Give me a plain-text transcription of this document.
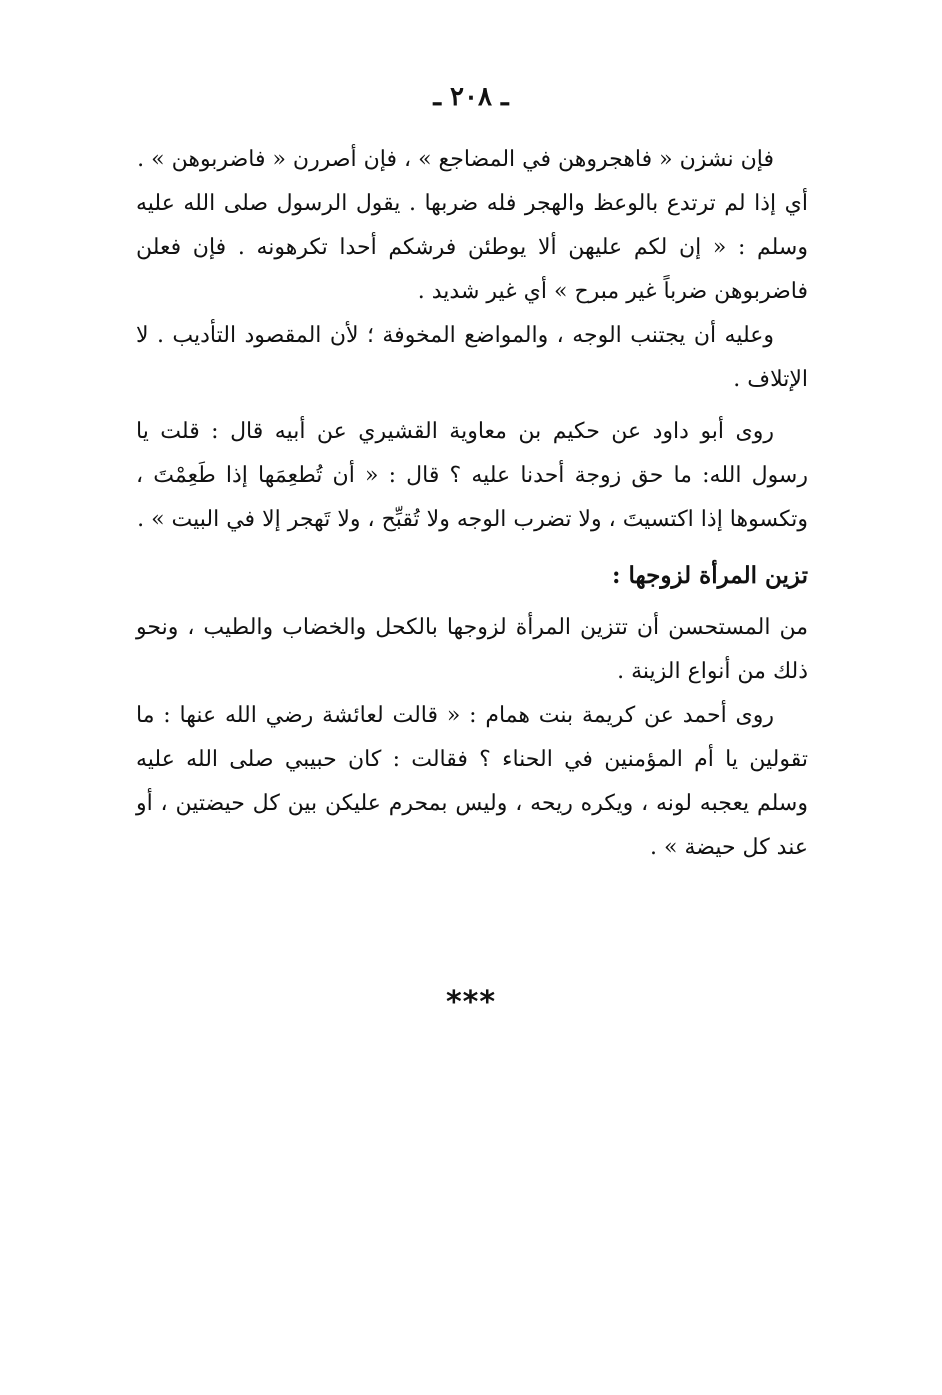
ـ ٢٠٨ ـ

فإن نشزن « فاهجروهن في المضاجع » ، فإن أصررن « فاضربوهن » .

أي إذا لم ترتدع بالوعظ والهجر فله ضربها . يقول الرسول صلى الله عليه وسلم : « إن لكم عليهن ألا يوطئن فرشكم أحدا تكرهونه . فإن فعلن فاضربوهن ضرباً غير مبرح » أي غير شديد .

وعليه أن يجتنب الوجه ، والمواضع المخوفة ؛ لأن المقصود التأديب . لا الإتلاف .

روى أبو داود عن حكيم بن معاوية القشيري عن أبيه قال : قلت يا رسول الله: ما حق زوجة أحدنا عليه ؟ قال : « أن تُطعِمَها إذا طَعِمْتَ ، وتكسوها إذا اكتسيتَ ، ولا تضرب الوجه ولا تُقبِّح ، ولا تَهجر إلا في البيت » .

تزين المرأة لزوجها :

من المستحسن أن تتزين المرأة لزوجها بالكحل والخضاب والطيب ، ونحو ذلك من أنواع الزينة .

روى أحمد عن كريمة بنت همام : « قالت لعائشة رضي الله عنها : ما تقولين يا أم المؤمنين في الحناء ؟ فقالت : كان حبيبي صلى الله عليه وسلم يعجبه لونه ، ويكره ريحه ، وليس بمحرم عليكن بين كل حيضتين ، أو عند كل حيضة » .

***
